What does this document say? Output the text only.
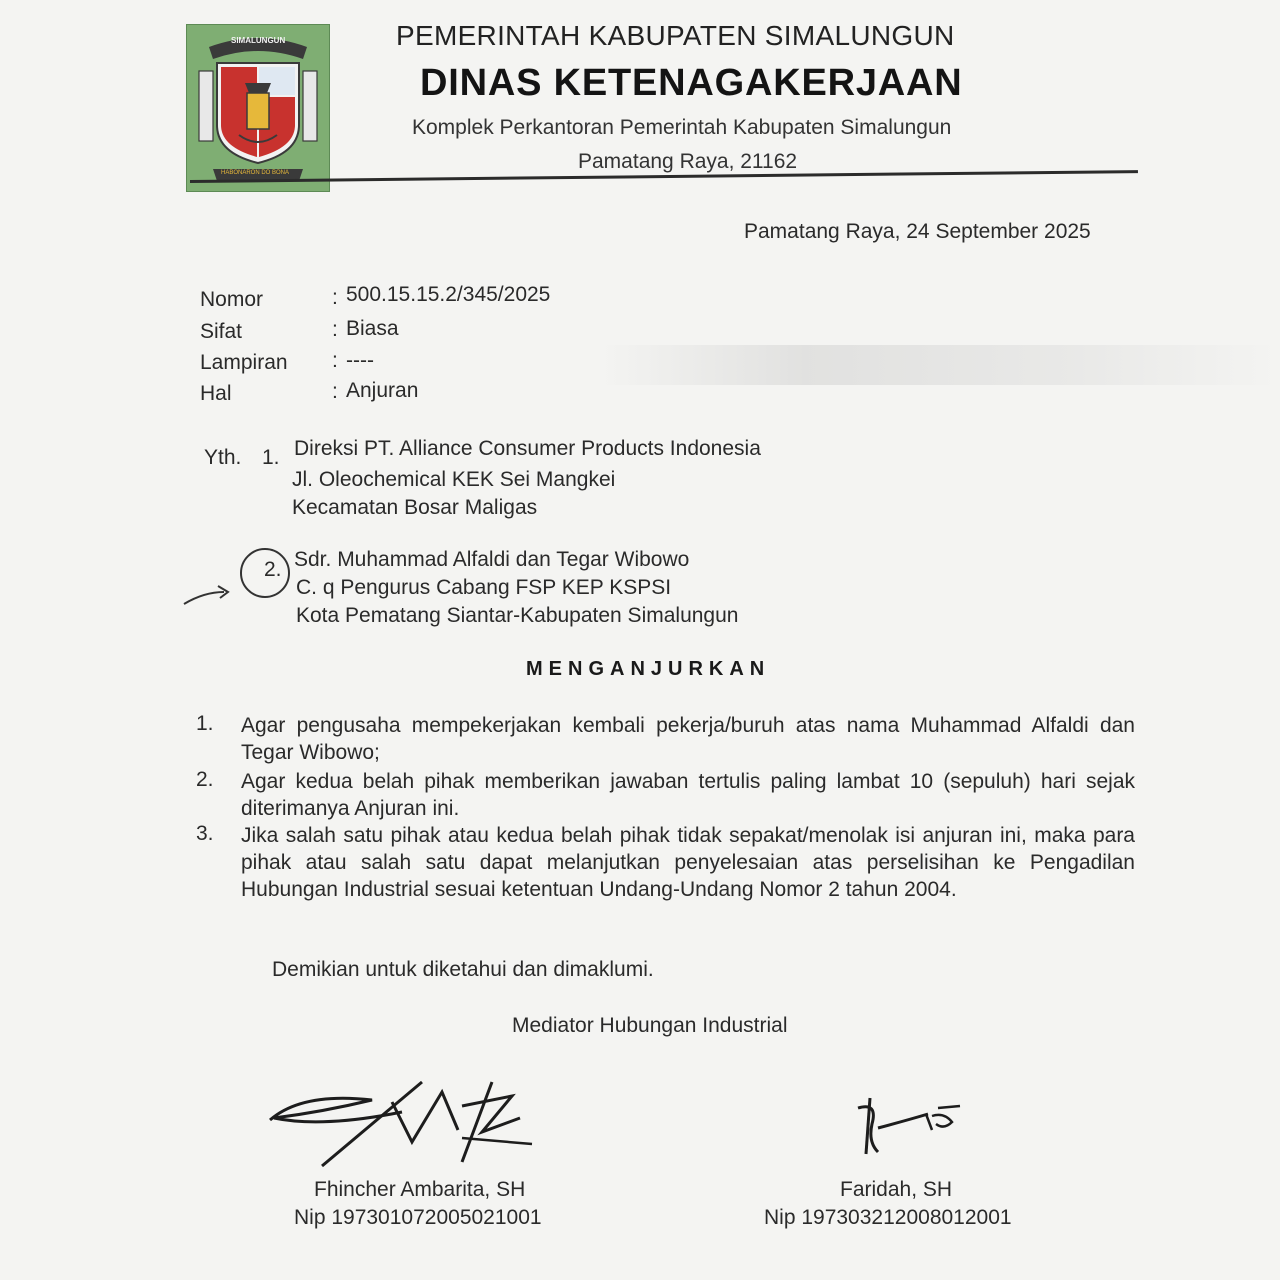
SIMALUNGUN
HABONARON DO BONA
PEMERINTAH KABUPATEN SIMALUNGUN
DINAS KETENAGAKERJAAN
Komplek Perkantoran Pemerintah Kabupaten Simalungun
Pamatang Raya, 21162
Pamatang Raya, 24 September 2025
Nomor	: 500.15.15.2/345/2025
Sifat	: Biasa
Lampiran : ----
Hal	: Anjuran
Yth. 1. Direksi PT. Alliance Consumer Products Indonesia
Jl. Oleochemical KEK Sei Mangkei
Kecamatan Bosar Maligas
2. Sdr. Muhammad Alfaldi dan Tegar Wibowo
C. q Pengurus Cabang FSP KEP KSPSI
Kota Pematang Siantar-Kabupaten Simalungun
MENGANJURKAN
1. Agar pengusaha mempekerjakan kembali pekerja/buruh atas nama Muhammad Alfaldi dan Tegar Wibowo;
2. Agar kedua belah pihak memberikan jawaban tertulis paling lambat 10 (sepuluh) hari sejak diterimanya Anjuran ini.
3. Jika salah satu pihak atau kedua belah pihak tidak sepakat/menolak isi anjuran ini, maka para pihak atau salah satu dapat melanjutkan penyelesaian atas perselisihan ke Pengadilan Hubungan Industrial sesuai ketentuan Undang-Undang Nomor 2 tahun 2004.
Demikian untuk diketahui dan dimaklumi.
Mediator Hubungan Industrial
Fhincher Ambarita, SH
Nip 197301072005021001
Faridah, SH
Nip 197303212008012001
